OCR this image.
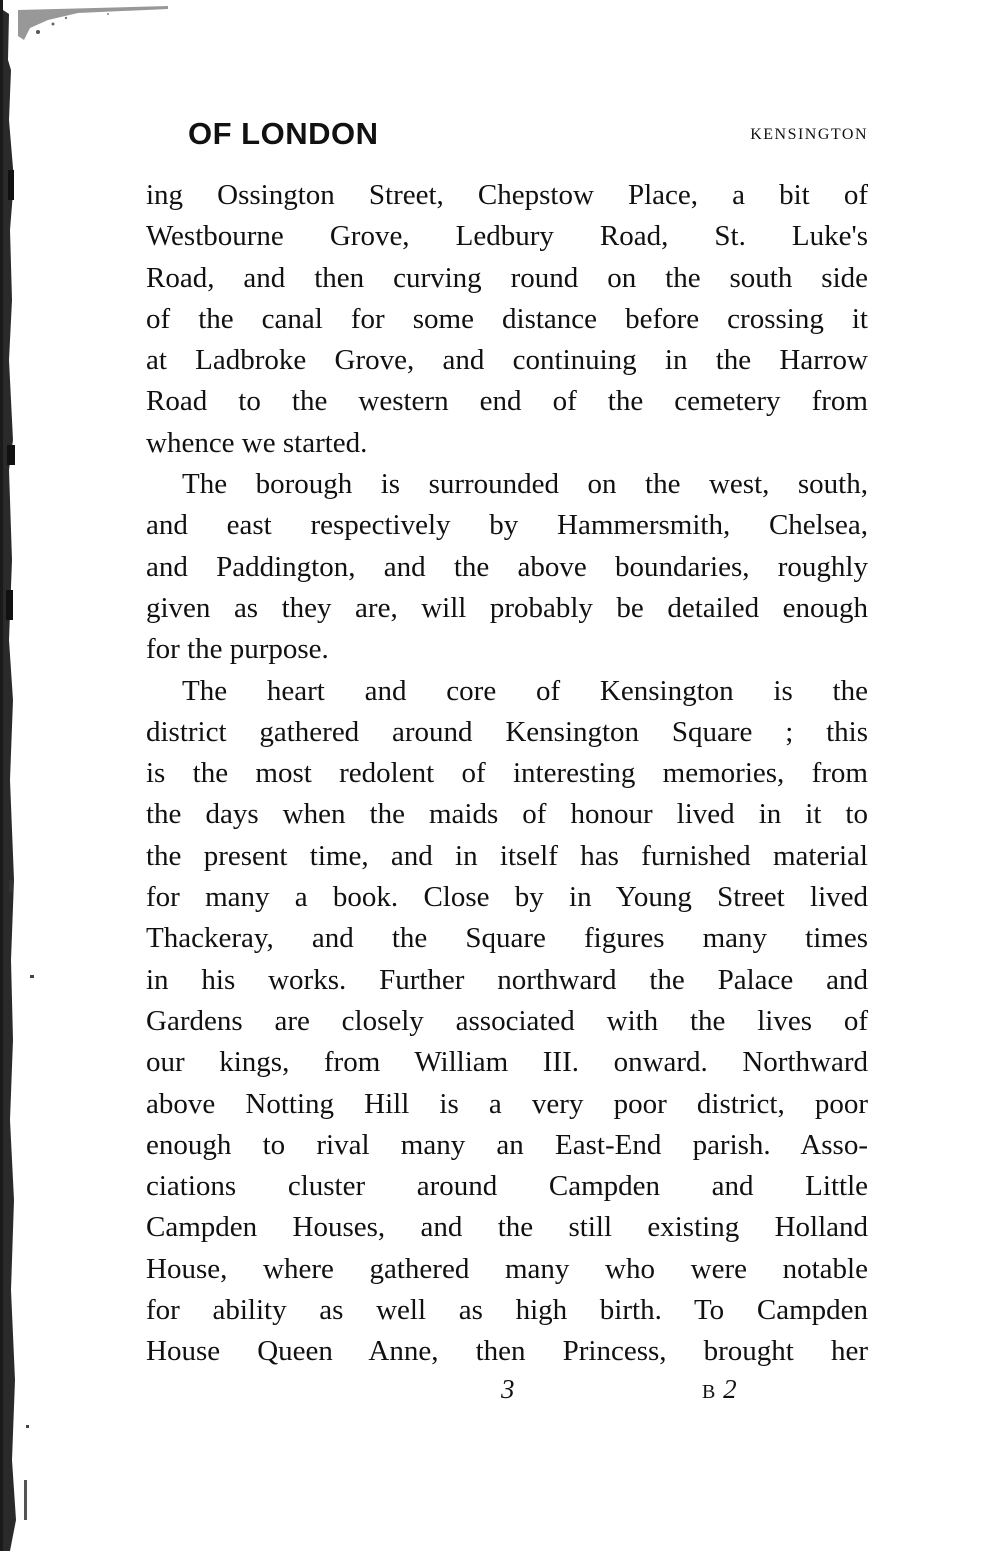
OF LONDON	KENSINGTON
ing Ossington Street, Chepstow Place, a bit of
Westbourne Grove, Ledbury Road, St. Luke's
Road, and then curving round on the south side
of the canal for some distance before crossing it
at Ladbroke Grove, and continuing in the Harrow
Road to the western end of the cemetery from
whence we started.
The borough is surrounded on the west, south,
and east respectively by Hammersmith, Chelsea,
and Paddington, and the above boundaries, roughly
given as they are, will probably be detailed enough
for the purpose.
The heart and core of Kensington is the
district gathered around Kensington Square ; this
is the most redolent of interesting memories, from
the days when the maids of honour lived in it to
the present time, and in itself has furnished material
for many a book. Close by in Young Street lived
Thackeray, and the Square figures many times
in his works. Further northward the Palace and
Gardens are closely associated with the lives of
our kings, from William III. onward. Northward
above Notting Hill is a very poor district, poor
enough to rival many an East-End parish. Asso-
ciations cluster around Campden and Little
Campden Houses, and the still existing Holland
House, where gathered many who were notable
for ability as well as high birth. To Campden
House Queen Anne, then Princess, brought her
3	B 2
